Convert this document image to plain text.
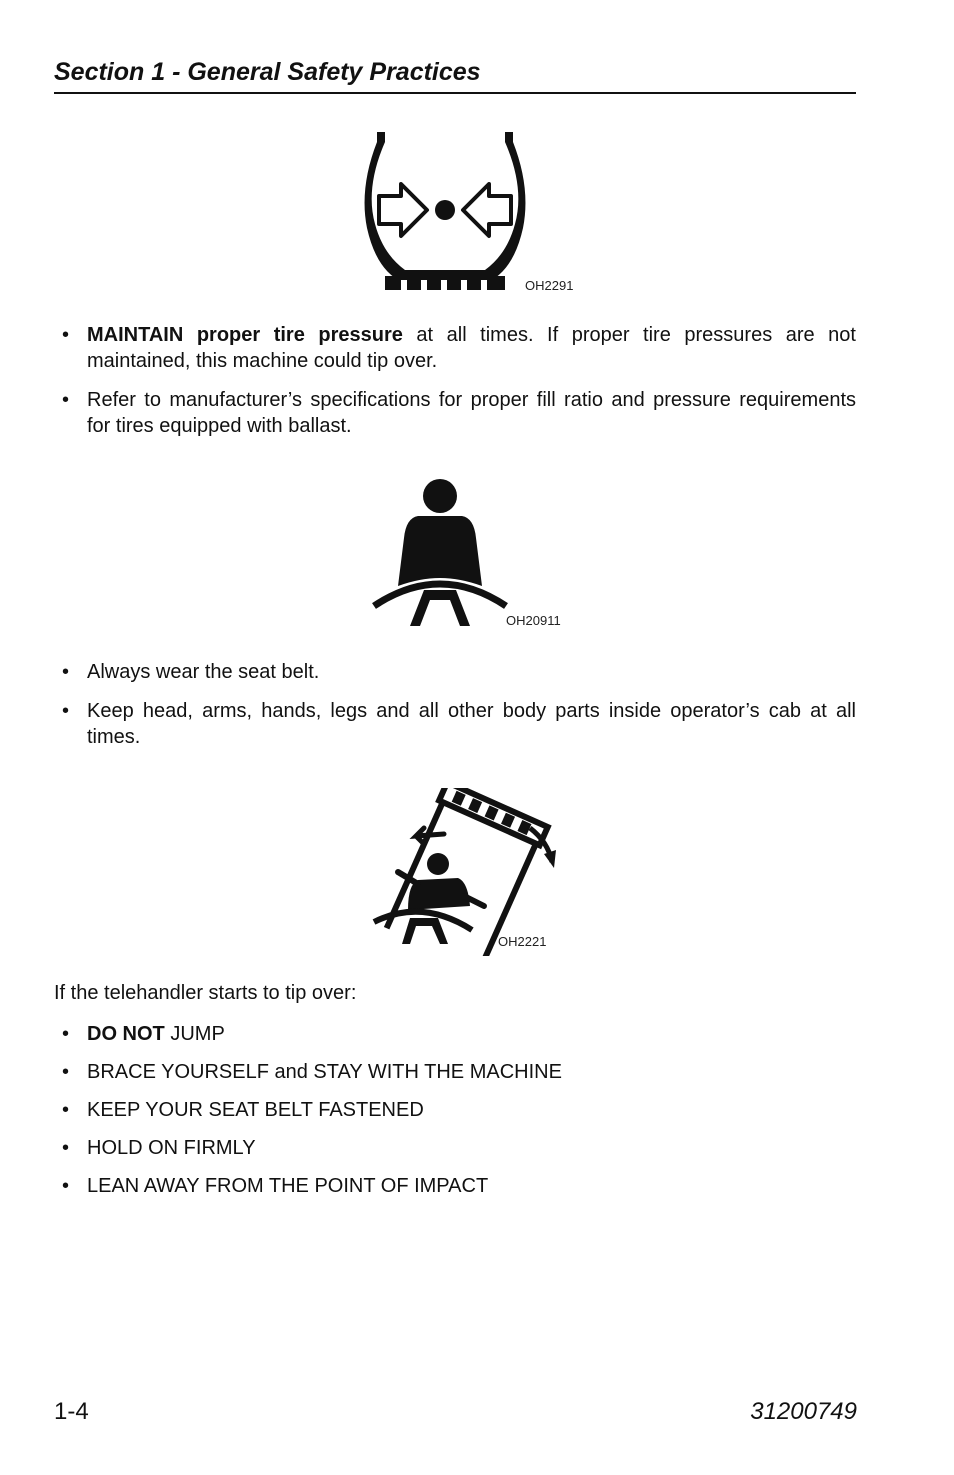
Section 1 - General Safety Practices
OH2291
• MAINTAIN proper tire pressure at all times. If proper tire pressures are not maintained, this machine could tip over.
• Refer to manufacturer’s specifications for proper fill ratio and pressure requirements for tires equipped with ballast.
OH20911
• Always wear the seat belt.
• Keep head, arms, hands, legs and all other body parts inside operator’s cab at all times.
OH2221
If the telehandler starts to tip over:
• DO NOT JUMP
• BRACE YOURSELF and STAY WITH THE MACHINE
• KEEP YOUR SEAT BELT FASTENED
• HOLD ON FIRMLY
• LEAN AWAY FROM THE POINT OF IMPACT
1-4	31200749
